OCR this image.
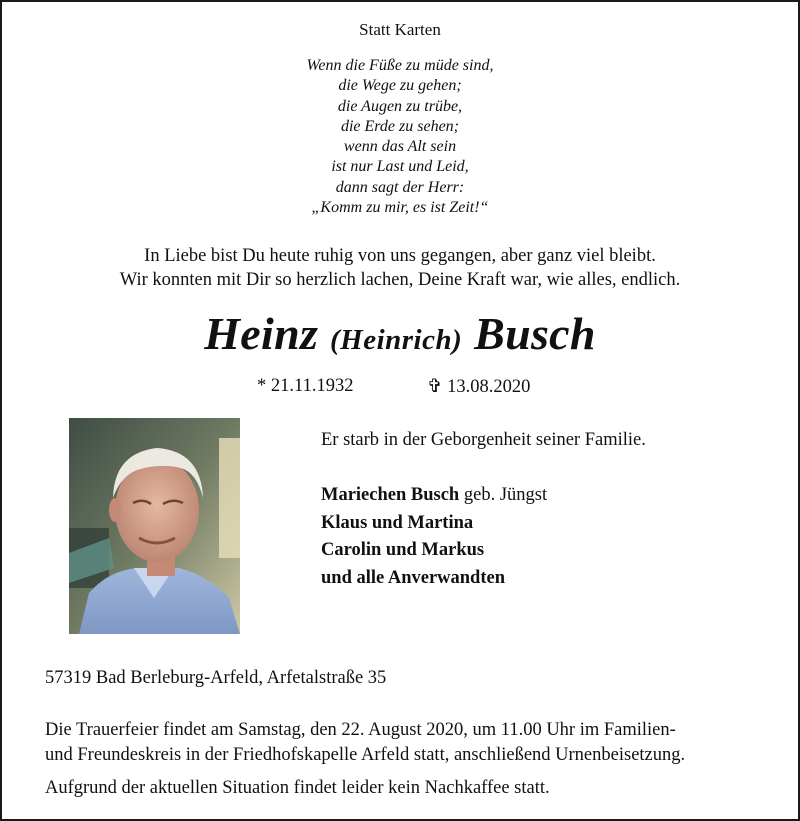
Statt Karten
Wenn die Füße zu müde sind,
die Wege zu gehen;
die Augen zu trübe,
die Erde zu sehen;
wenn das Alt sein
ist nur Last und Leid,
dann sagt der Herr:
„Komm zu mir, es ist Zeit!“
In Liebe bist Du heute ruhig von uns gegangen, aber ganz viel bleibt.
Wir konnten mit Dir so herzlich lachen, Deine Kraft war, wie alles, endlich.
Heinz (Heinrich) Busch
* 21.11.1932	✞ 13.08.2020
Er starb in der Geborgenheit seiner Familie.
Mariechen Busch geb. Jüngst
Klaus und Martina
Carolin und Markus
und alle Anverwandten
57319 Bad Berleburg-Arfeld, Arfetalstraße 35
Die Trauerfeier findet am Samstag, den 22. August 2020, um 11.00 Uhr im Familien-
und Freundeskreis in der Friedhofskapelle Arfeld statt, anschließend Urnenbeisetzung.
Aufgrund der aktuellen Situation findet leider kein Nachkaffee statt.
